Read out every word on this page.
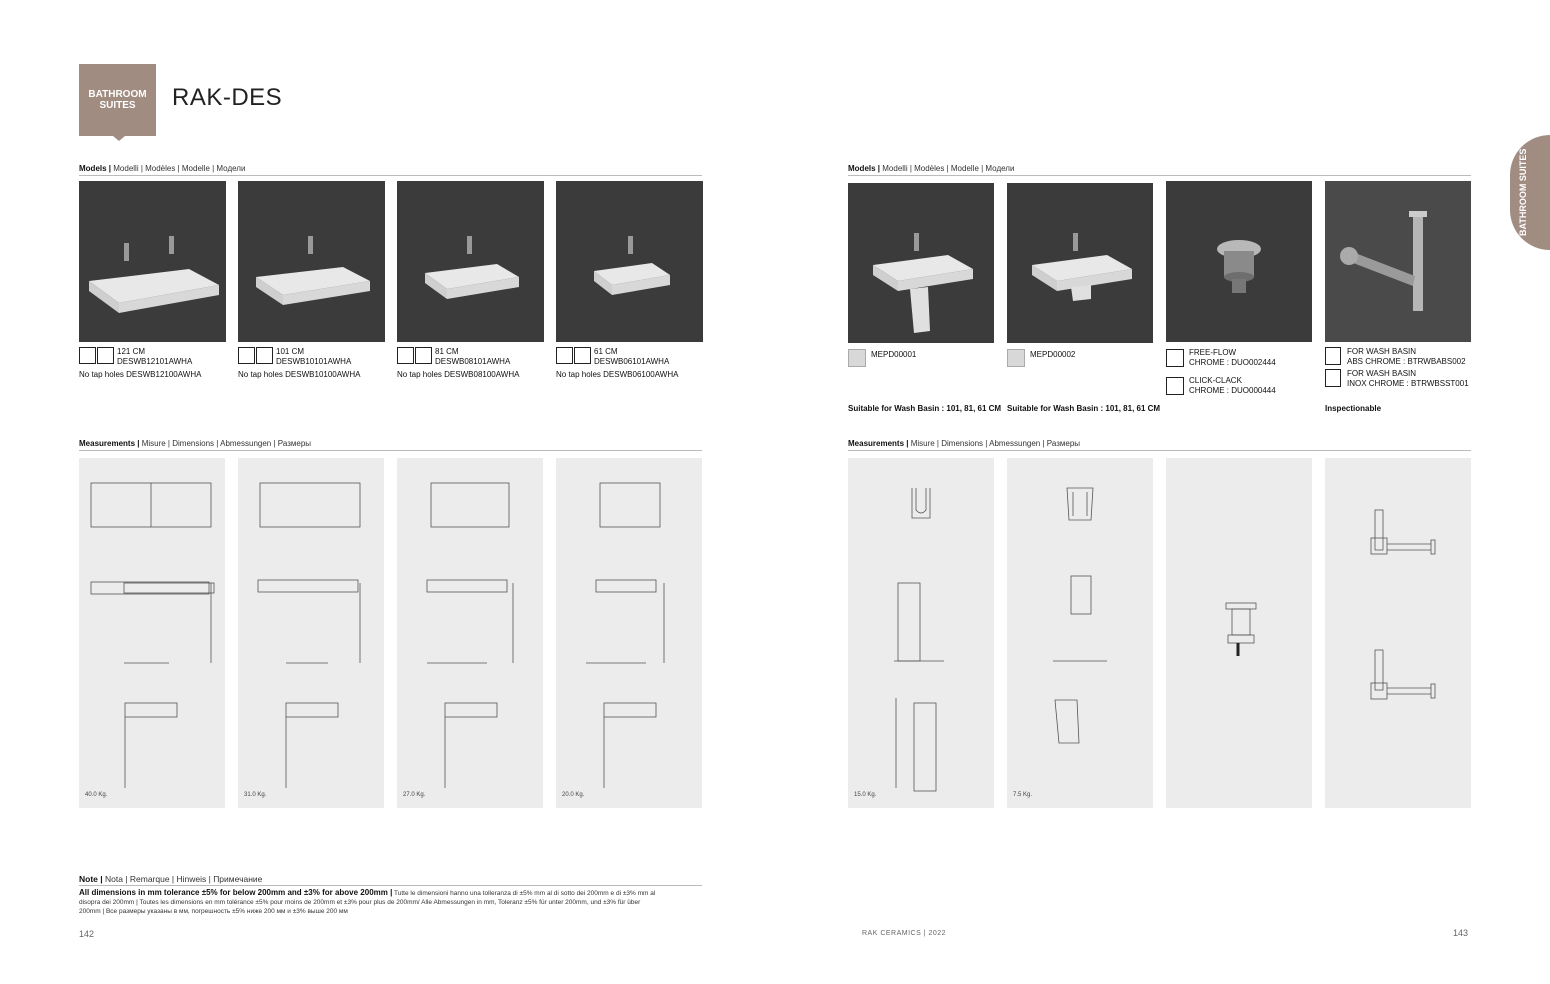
BATHROOM
SUITES RAK-DES
BATHROOM SUITES
Models | Modelli | Modèles | Modelle | Модели
121 CM
DESWB12101AWHA
No tap holes DESWB12100AWHA
101 CM
DESWB10101AWHA
No tap holes DESWB10100AWHA
81 CM
DESWB08101AWHA
No tap holes DESWB08100AWHA
61 CM
DESWB06101AWHA
No tap holes DESWB06100AWHA
Measurements | Misure | Dimensions | Abmessungen | Размеры
40.0 Kg.	31.0 Kg.	27.0 Kg.	20.0 Kg.
Models | Modelli | Modèles | Modelle | Модели
MEPD00001	MEPD00002	FREE-FLOW
CHROME : DUO002444
CLICK-CLACK
CHROME : DUO000444
FOR WASH BASIN
ABS CHROME : BTRWBABS002
FOR WASH BASIN
INOX CHROME : BTRWBSST001
Suitable for Wash Basin : 101, 81, 61 CM Suitable for Wash Basin : 101, 81, 61 CM	Inspectionable
Measurements | Misure | Dimensions | Abmessungen | Размеры
15.0 Kg.	7.5 Kg.
Note | Nota | Remarque | Hinweis | Примечание
All dimensions in mm tolerance ±5% for below 200mm and ±3% for above 200mm | Tutte le dimensioni hanno una tolleranza di ±5% mm al di sotto dei 200mm e di ±3% mm al
disopra dei 200mm | Toutes les dimensions en mm tolérance ±5% pour moins de 200mm et ±3% pour plus de 200mm/ Alle Abmessungen in mm, Toleranz ±5% für unter 200mm, und ±3% für über
200mm | Все размеры указаны в мм, погрешность ±5% ниже 200 мм и ±3% выше 200 мм
142	RAK CERAMICS | 2022	143
